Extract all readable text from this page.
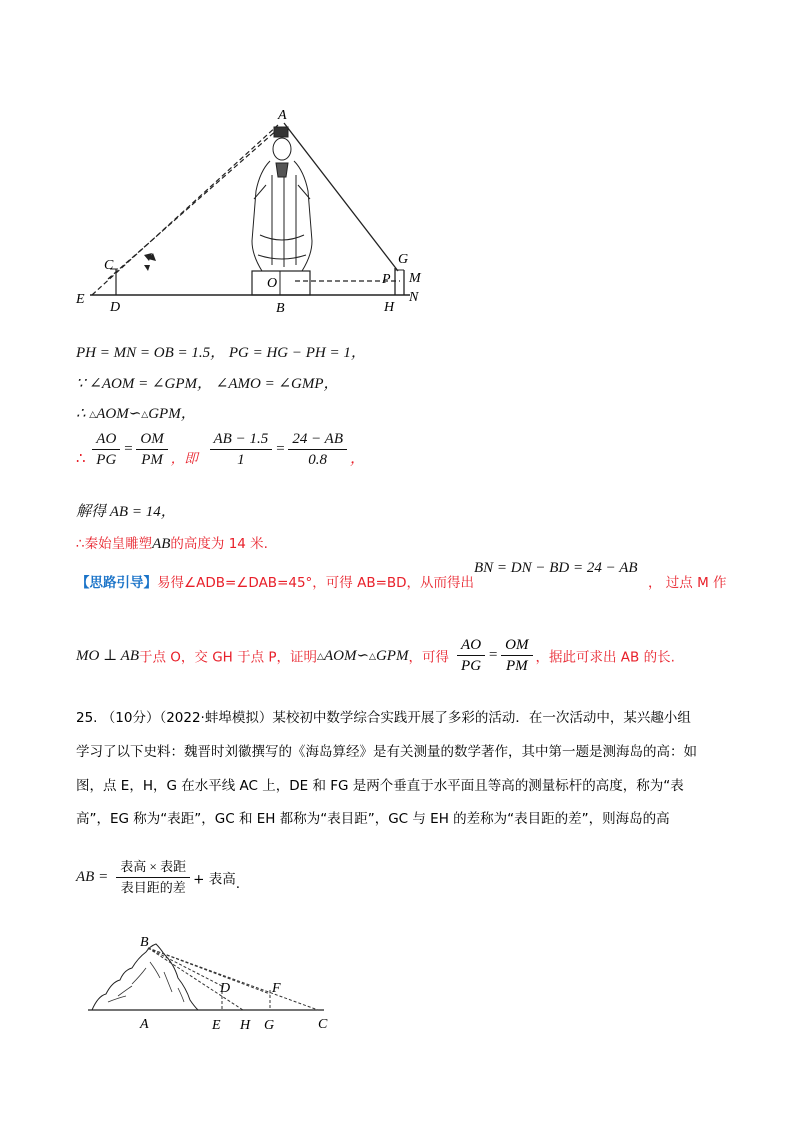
A
C
E
D
O
B
G
P M
H
N
PH = MN = OB = 1.5， PG = HG − PH = 1，
∵ ∠AOM = ∠GPM， ∠AMO = ∠GMP，
∴ △AOM∽△GPM，
∴ $\frac{AO}{PG} = \frac{OM}{PM}$ ，即 $\frac{AB - 1.5}{1} = \frac{24 - AB}{0.8}$ ，
解得 AB = 14，
∴秦始皇雕塑AB的高度为 14 米.
【思路引导】易得∠ADB=∠DAB=45°，可得 AB=BD，从而得出
BN = DN − BD = 24 − AB
， 过点 M 作
MO ⊥ AB于点 O，交 GH 于点 P，证明△AOM∽△GPM，可得 $\frac{AO}{PG} = \frac{OM}{PM}$ ，据此可求出 AB 的长.
25. （10分）（2022·蚌埠模拟）某校初中数学综合实践开展了多彩的活动．在一次活动中，某兴趣小组
学习了以下史料：魏晋时刘徽撰写的《海岛算经》是有关测量的数学著作，其中第一题是测海岛的高：如
图，点 E，H，G 在水平线 AC 上，DE 和 FG 是两个垂直于水平面且等高的测量标杆的高度，称为“表
高”，EG 称为“表距”，GC 和 EH 都称为“表目距”，GC 与 EH 的差称为“表目距的差”，则海岛的高
AB = $\frac{\text{表高 × 表距}}{\text{表目距的差}}$ + 表高$_.$
B
D	F
A	E H G	C
